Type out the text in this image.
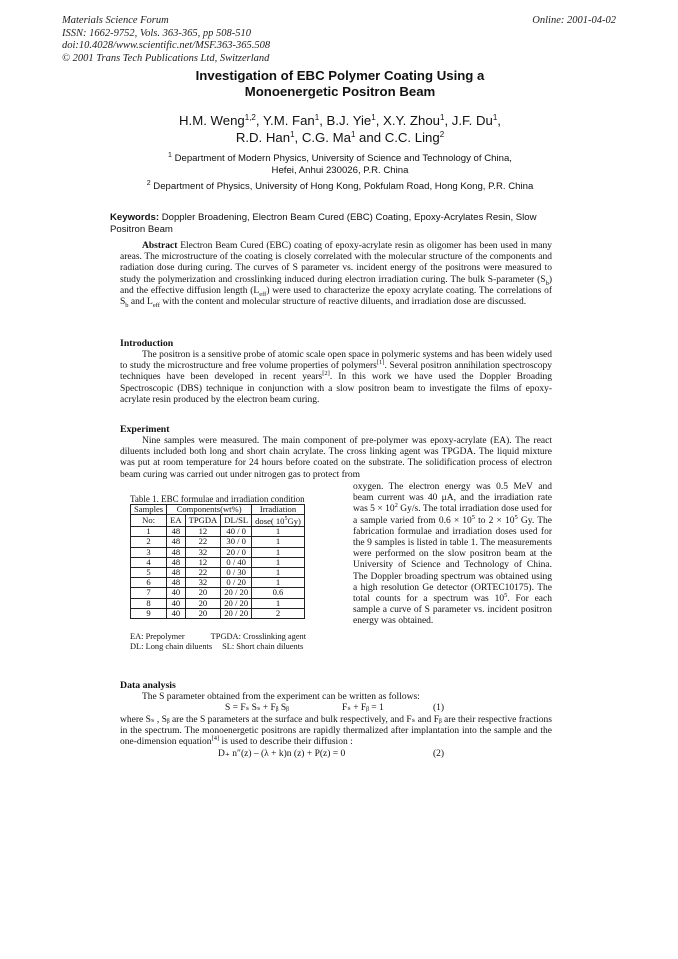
Materials Science Forum
ISSN: 1662-9752, Vols. 363-365, pp 508-510
doi:10.4028/www.scientific.net/MSF.363-365.508
© 2001 Trans Tech Publications Ltd, Switzerland
Online: 2001-04-02
Investigation of EBC Polymer Coating Using a
Monoenergetic Positron Beam
H.M. Weng$^{1,2}$, Y.M. Fan$^1$, B.J. Yie$^1$, X.Y. Zhou$^1$, J.F. Du$^1$,
R.D. Han$^1$, C.G. Ma$^1$ and C.C. Ling$^2$
$^1$ Department of Modern Physics, University of Science and Technology of China,
Hefei, Anhui 230026, P.R. China
$^2$ Department of Physics, University of Hong Kong, Pokfulam Road, Hong Kong, P.R. China
Keywords: Doppler Broadening, Electron Beam Cured (EBC) Coating, Epoxy-Acrylates Resin, Slow Positron Beam
Abstract Electron Beam Cured (EBC) coating of epoxy-acrylate resin as oligomer has been used in many areas. The microstructure of the coating is closely correlated with the molecular structure of the components and radiation dose during curing. The curves of S parameter vs. incident energy of the positrons were measured to study the polymerization and crosslinking induced during electron irradiation curing. The bulk S-parameter $(S_b)$ and the effective diffusion length $(L_{eff})$ were used to characterize the epoxy acrylate coating. The correlations of $S_b$ and $L_{eff}$ with the content and molecular structure of reactive diluents, and irradiation dose are discussed.
Introduction
The positron is a sensitive probe of atomic scale open space in polymeric systems and has been widely used to study the microstructure and free volume properties of polymers[1]. Several positron annihilation spectroscopy techniques have been developed in recent years[2]. In this work we have used the Doppler Broading Spectroscopic (DBS) technique in conjunction with a slow positron beam to investigate the films of epoxy-acrylate resin produced by the electron beam curing.
Experiment
Nine samples were measured. The main component of pre-polymer was epoxy-acrylate (EA). The react diluents included both long and short chain acrylate. The cross linking agent was TPGDA. The liquid mixture was put at room temperature for 24 hours before coated on the substrate. The solidification process of electron beam curing was carried out under nitrogen gas to protect from
Table 1. EBC formulae and irradiation condition
Samples	Components(wt%)			Irradiation
No:	EA	TPGDA	DL/SL	dose( $10^5Gy$)
1	48	12	40 / 0	1
2	48	22	30 / 0	1
3	48	32	20 / 0	1
4	48	12	0 / 40	1
5	48	22	0 / 30	1
6	48	32	0 / 20	1
7	40	20	20 / 20	0.6
8	40	20	20 / 20	1
9	40	20	20 / 20	2
EA: Prepolymer	TPGDA: Crosslinking agent
DL: Long chain diluents SL: Short chain diluents
oxygen. The electron energy was 0.5 MeV and beam current was 40 μA, and the irradiation rate was $5 \times 10^2$ Gy/s. The total irradiation dose used for a sample varied from $0.6 \times 10^5$ to $2 \times 10^5$ Gy. The fabrication formulae and irradiation doses used for the 9 samples is listed in table 1. The measurements were performed on the slow positron beam at the University of Science and Technology of China. The Doppler broading spectrum was obtained using a high resolution Ge detector (ORTEC10175). The total counts for a spectrum was $10^5$. For each sample a curve of S parameter vs. incident positron energy was obtained.
Data analysis
The S parameter obtained from the experiment can be written as follows:
S = Fₛ Sₛ + Fᵦ Sᵦ	Fₛ + Fᵦ = 1	(1)
where Sₛ , Sᵦ are the S parameters at the surface and bulk respectively, and Fₛ and Fᵦ are their respective fractions in the spectrum. The monoenergetic positrons are rapidly thermalized after implantation into the sample and the one-dimension equation[4] is used to describe their diffusion :
D₊ n″(z) – (λ + k)n (z) + P(z) = 0	(2)
